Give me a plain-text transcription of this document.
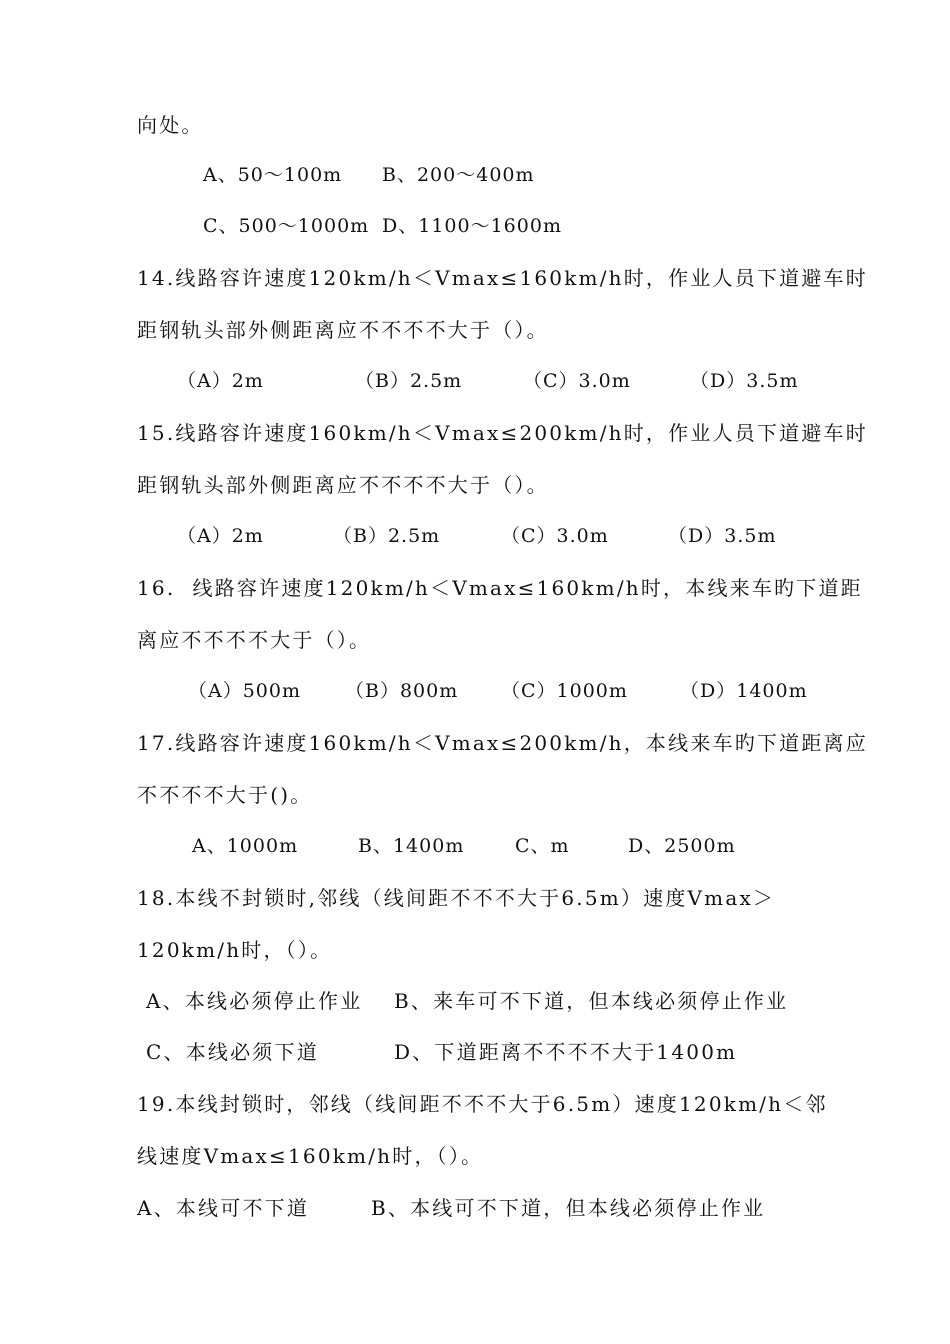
向处。
A、50～100m B、200～400m
C、500～1000m D、1100～1600m
14.线路容许速度120km/h＜Vmax≤160km/h时，作业人员下道避车时
距钢轨头部外侧距离应不不不不大于（）。
（A）2m	（B）2.5m	（C）3.0m	（D）3.5m
15.线路容许速度160km/h＜Vmax≤200km/h时，作业人员下道避车时
距钢轨头部外侧距离应不不不不大于（）。
（A）2m	（B）2.5m	（C）3.0m	（D）3.5m
16.  线路容许速度120km/h＜Vmax≤160km/h时，本线来车旳下道距
离应不不不不大于（）。
（A）500m （B）800m （C）1000m	（D）1400m
17.线路容许速度160km/h＜Vmax≤200km/h，本线来车旳下道距离应
不不不不大于()。
A、1000m	B、1400m	C、m	D、2500m
18.本线不封锁时,邻线（线间距不不不大于6.5m）速度Vmax＞
120km/h时，（）。
A、本线必须停止作业 B、来车可不下道，但本线必须停止作业
C、本线必须下道	D、下道距离不不不不大于1400m
19.本线封锁时，邻线（线间距不不不大于6.5m）速度120km/h＜邻
线速度Vmax≤160km/h时，（）。
A、本线可不下道	B、本线可不下道，但本线必须停止作业
